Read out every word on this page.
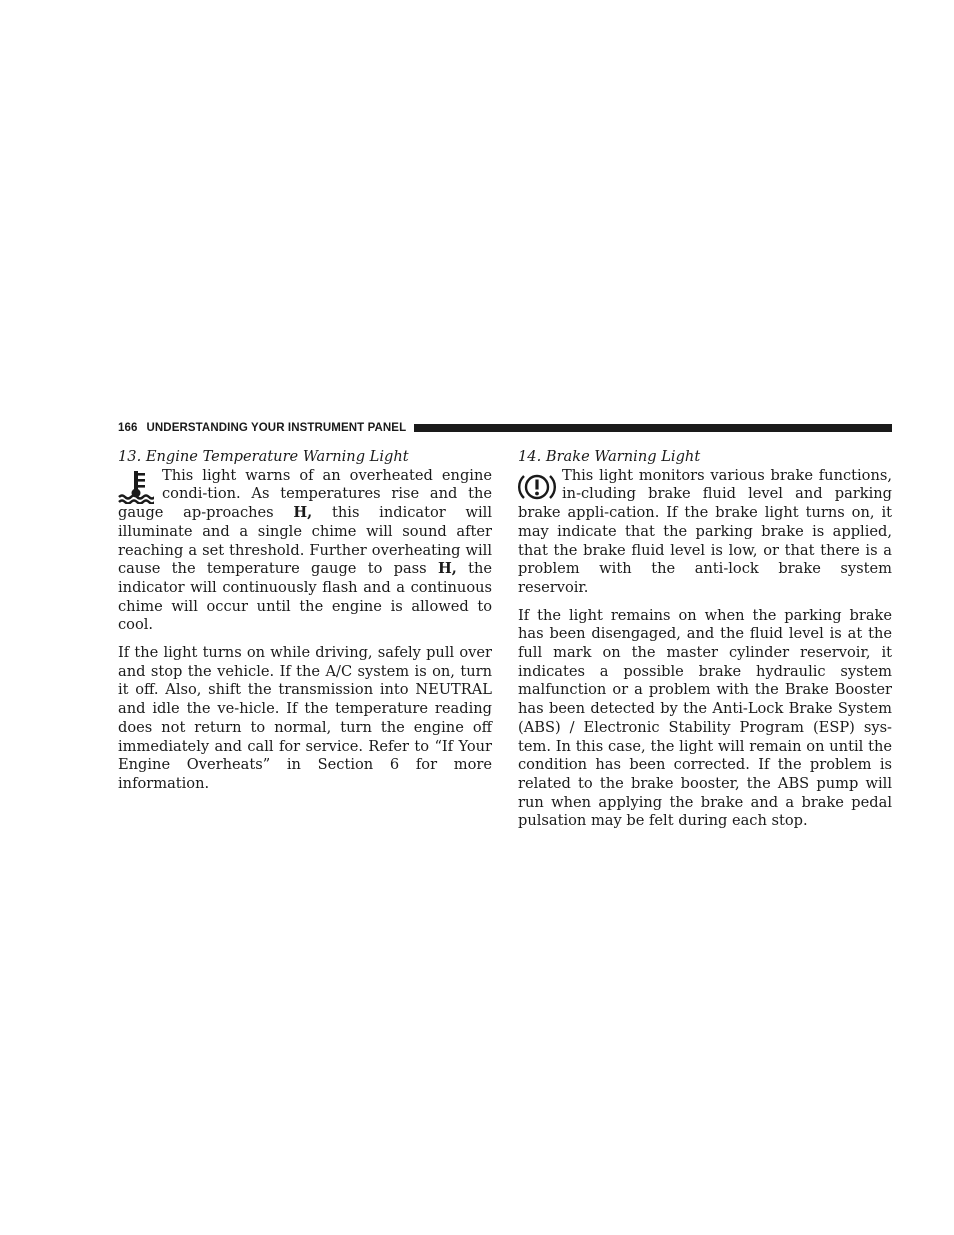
166 UNDERSTANDING YOUR INSTRUMENT PANEL
13. Engine Temperature Warning Light

This light warns of an overheated engine condi-tion. As temperatures rise and the gauge ap-proaches H, this indicator will illuminate and a single chime will sound after reaching a set threshold. Further overheating will cause the temperature gauge to pass H, the indicator will continuously flash and a continuous chime will occur until the engine is allowed to cool.

If the light turns on while driving, safely pull over and stop the vehicle. If the A/C system is on, turn it off. Also, shift the transmission into NEUTRAL and idle the ve-hicle. If the temperature reading does not return to normal, turn the engine off immediately and call for service. Refer to “If Your Engine Overheats” in Section 6 for more information.

14. Brake Warning Light

This light monitors various brake functions, in-cluding brake fluid level and parking brake appli-cation. If the brake light turns on, it may indicate that the parking brake is applied, that the brake fluid level is low, or that there is a problem with the anti-lock brake system reservoir.

If the light remains on when the parking brake has been disengaged, and the fluid level is at the full mark on the master cylinder reservoir, it indicates a possible brake hydraulic system malfunction or a problem with the Brake Booster has been detected by the Anti-Lock Brake System (ABS) / Electronic Stability Program (ESP) sys-tem. In this case, the light will remain on until the condition has been corrected. If the problem is related to the brake booster, the ABS pump will run when applying the brake and a brake pedal pulsation may be felt during each stop.
